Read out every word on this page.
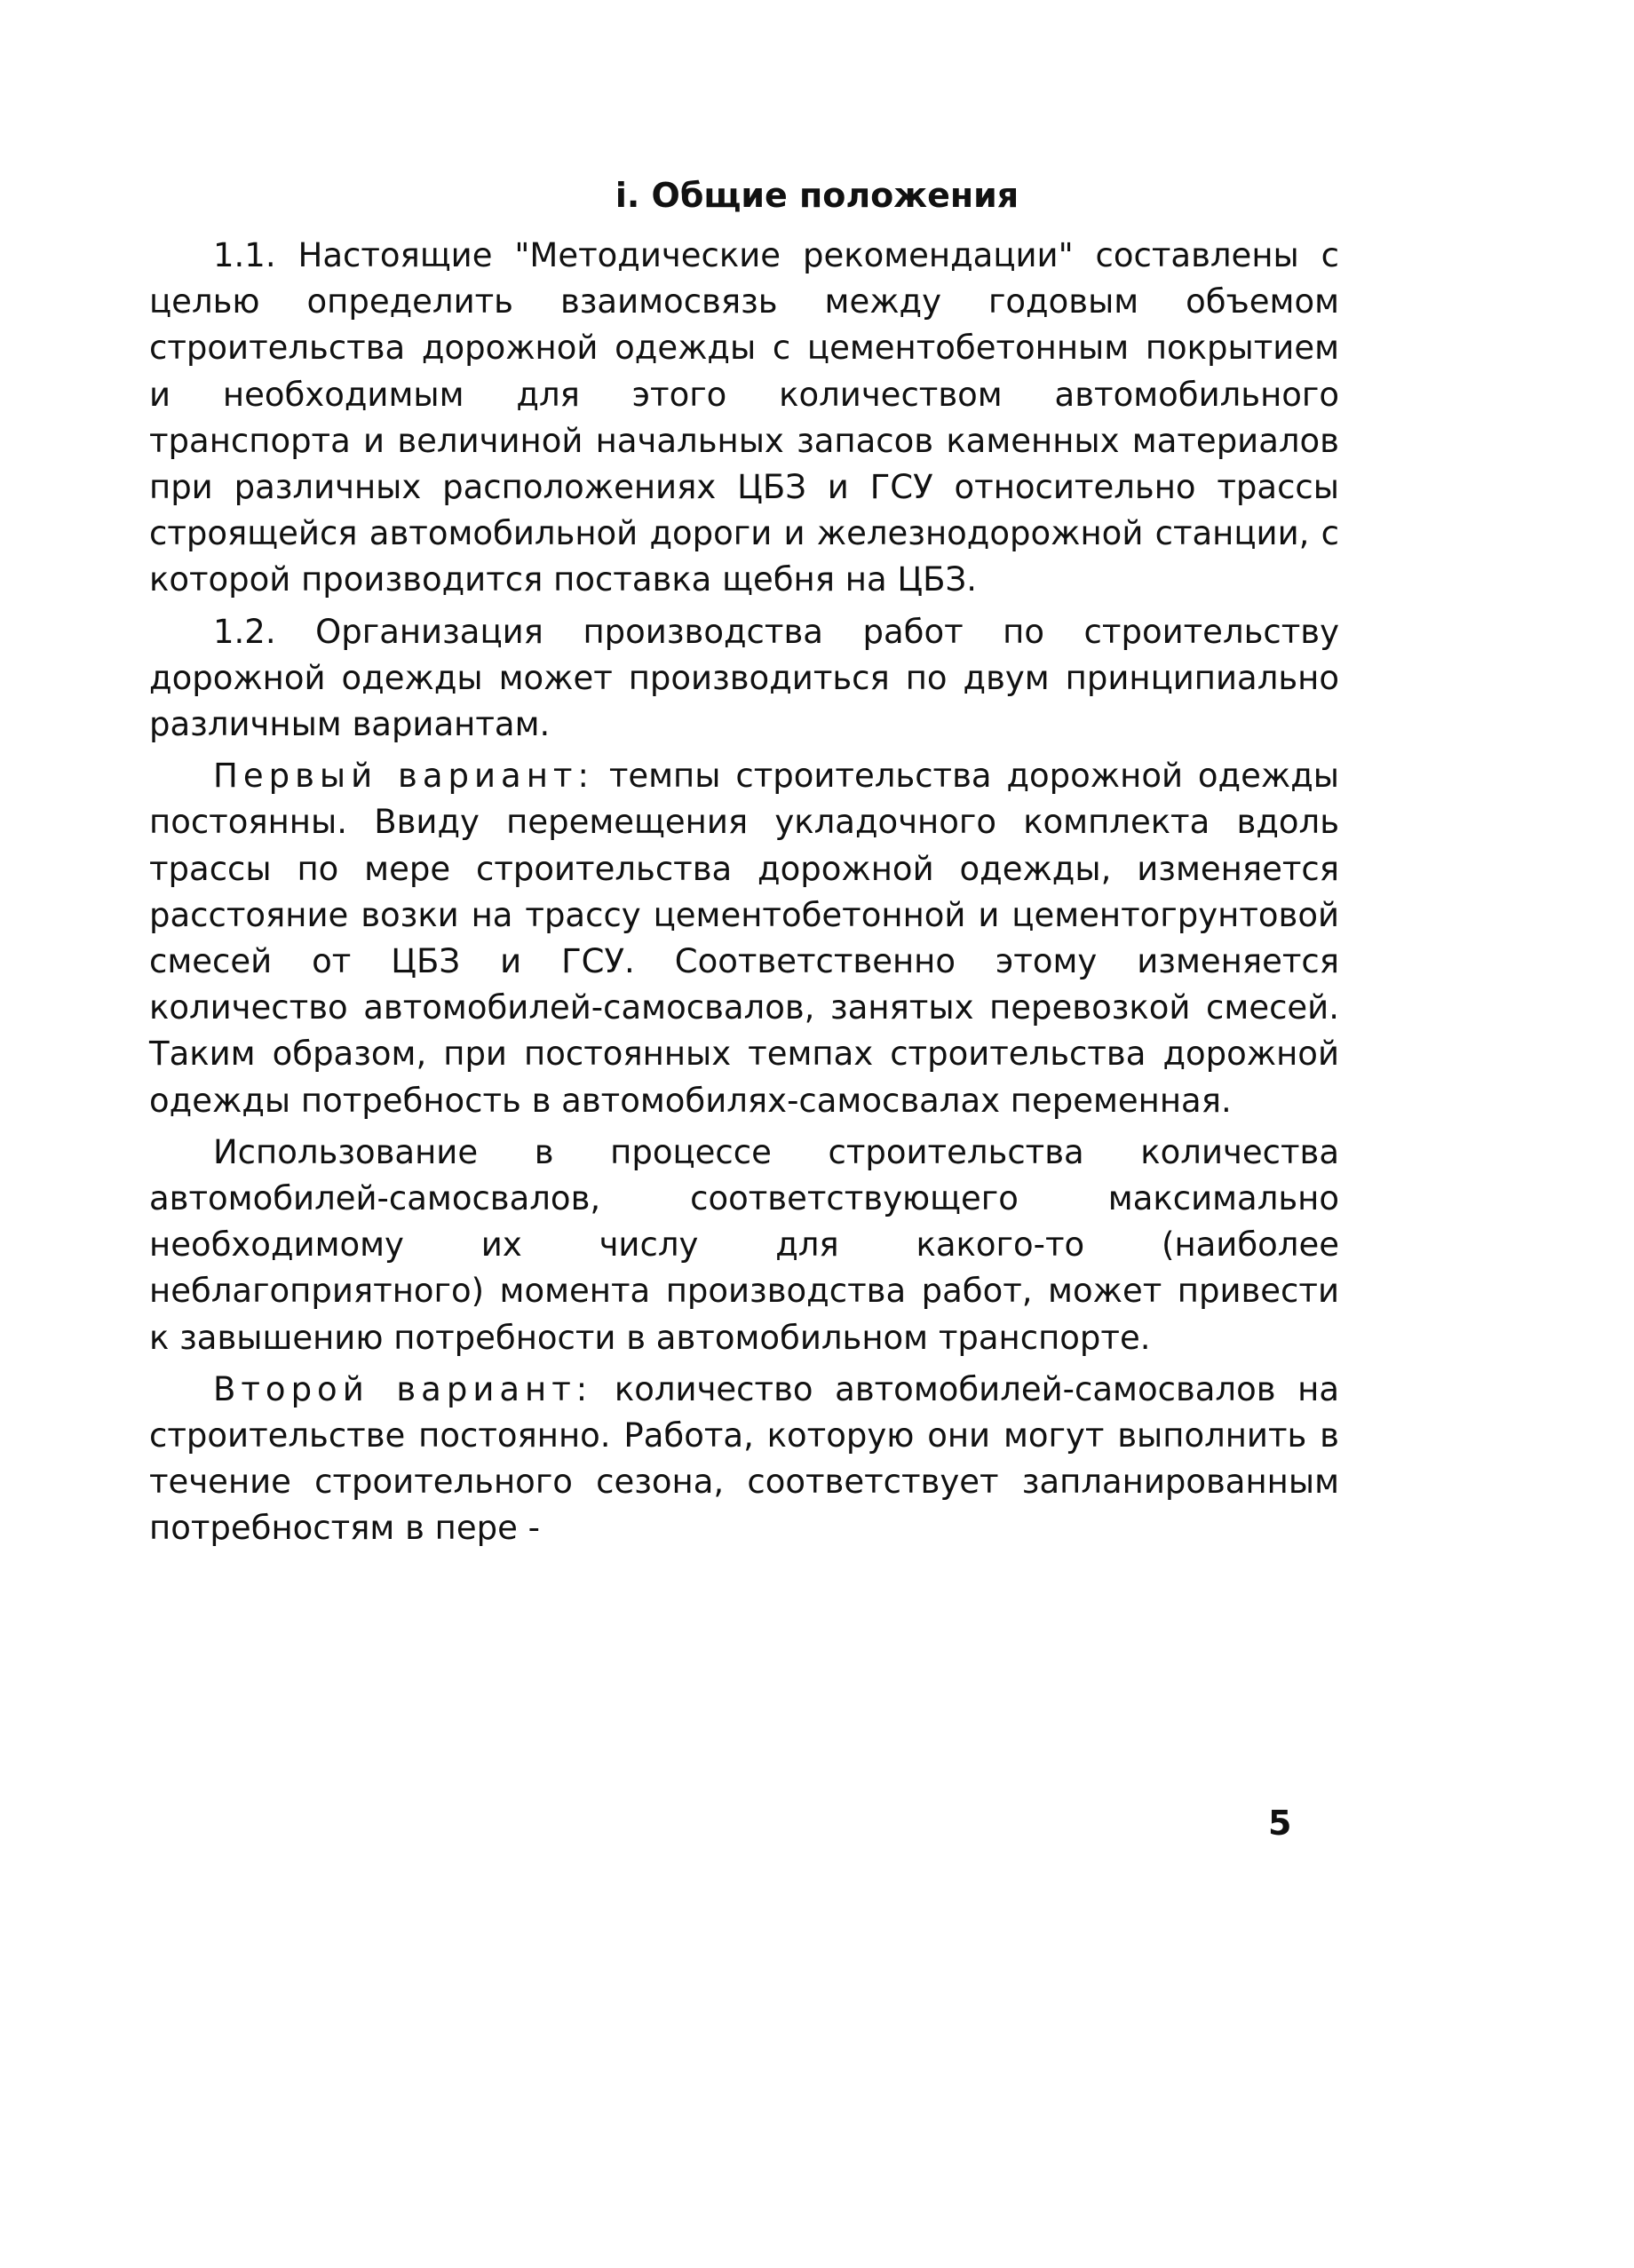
i. Общие положения

1.1. Настоящие "Методические рекомендации" составлены с целью определить взаимосвязь между годовым объемом строительства дорожной одежды с цементобетонным покрытием и необходимым для этого количеством автомобильного транспорта и величиной начальных запасов каменных материалов при различных расположениях ЦБЗ и ГСУ относительно трассы строящейся автомобильной дороги и железнодорожной станции, с которой производится поставка щебня на ЦБЗ.

1.2. Организация производства работ по строительству дорожной одежды может производиться по двум принципиально различным вариантам.

Первый вариант: темпы строительства дорожной одежды постоянны. Ввиду перемещения укладочного комплекта вдоль трассы по мере строительства дорожной одежды, изменяется расстояние возки на трассу цементобетонной и цементогрунтовой смесей от ЦБЗ и ГСУ. Соответственно этому изменяется количество автомобилей-самосвалов, занятых перевозкой смесей. Таким образом, при постоянных темпах строительства дорожной одежды потребность в автомобилях-самосвалах переменная.

Использование в процессе строительства количества автомобилей-самосвалов, соответствующего максимально необходимому их числу для какого-то (наиболее неблагоприятного) момента производства работ, может привести к завышению потребности в автомобильном транспорте.

Второй вариант: количество автомобилей-самосвалов на строительстве постоянно. Работа, которую они могут выполнить в течение строительного сезона, соответствует запланированным потребностям в пере -

5
